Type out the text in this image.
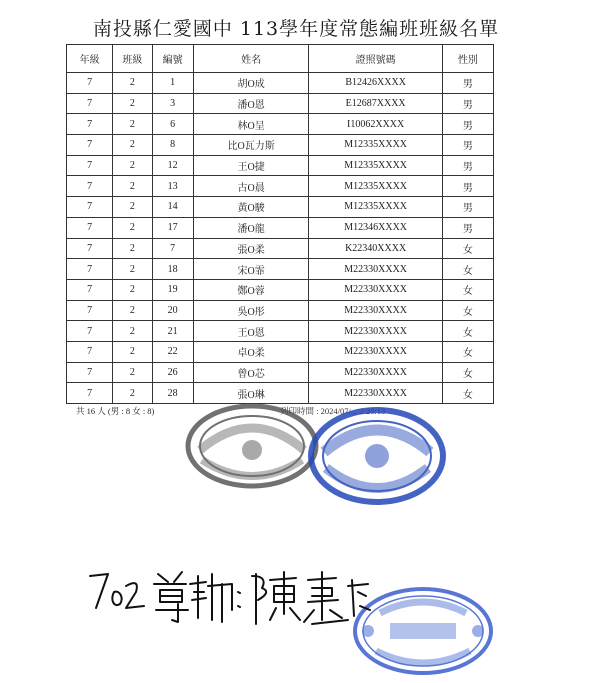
南投縣仁愛國中 113學年度常態編班班級名單
年級	班級	編號	姓名	證照號碼	性別
7	2	1	胡O成	B12426XXXX	男
7	2	3	潘O恩	E12687XXXX	男
7	2	6	林O呈	I10062XXXX	男
7	2	8	比O瓦力斯	M12335XXXX	男
7	2	12	王O捷	M12335XXXX	男
7	2	13	古O晨	M12335XXXX	男
7	2	14	黃O駿	M12335XXXX	男
7	2	17	潘O龍	M12346XXXX	男
7	2	7	張O柔	K22340XXXX	女
7	2	18	宋O霏	M22330XXXX	女
7	2	19	鄭O蓉	M22330XXXX	女
7	2	20	吳O彤	M22330XXXX	女
7	2	21	王O恩	M22330XXXX	女
7	2	22	卓O柔	M22330XXXX	女
7	2	26	曾O芯	M22330XXXX	女
7	2	28	張O琳	M22330XXXX	女
共 16 人 (男 : 8 女 : 8)	列印時間 : 2024/07/... 2:20:13
